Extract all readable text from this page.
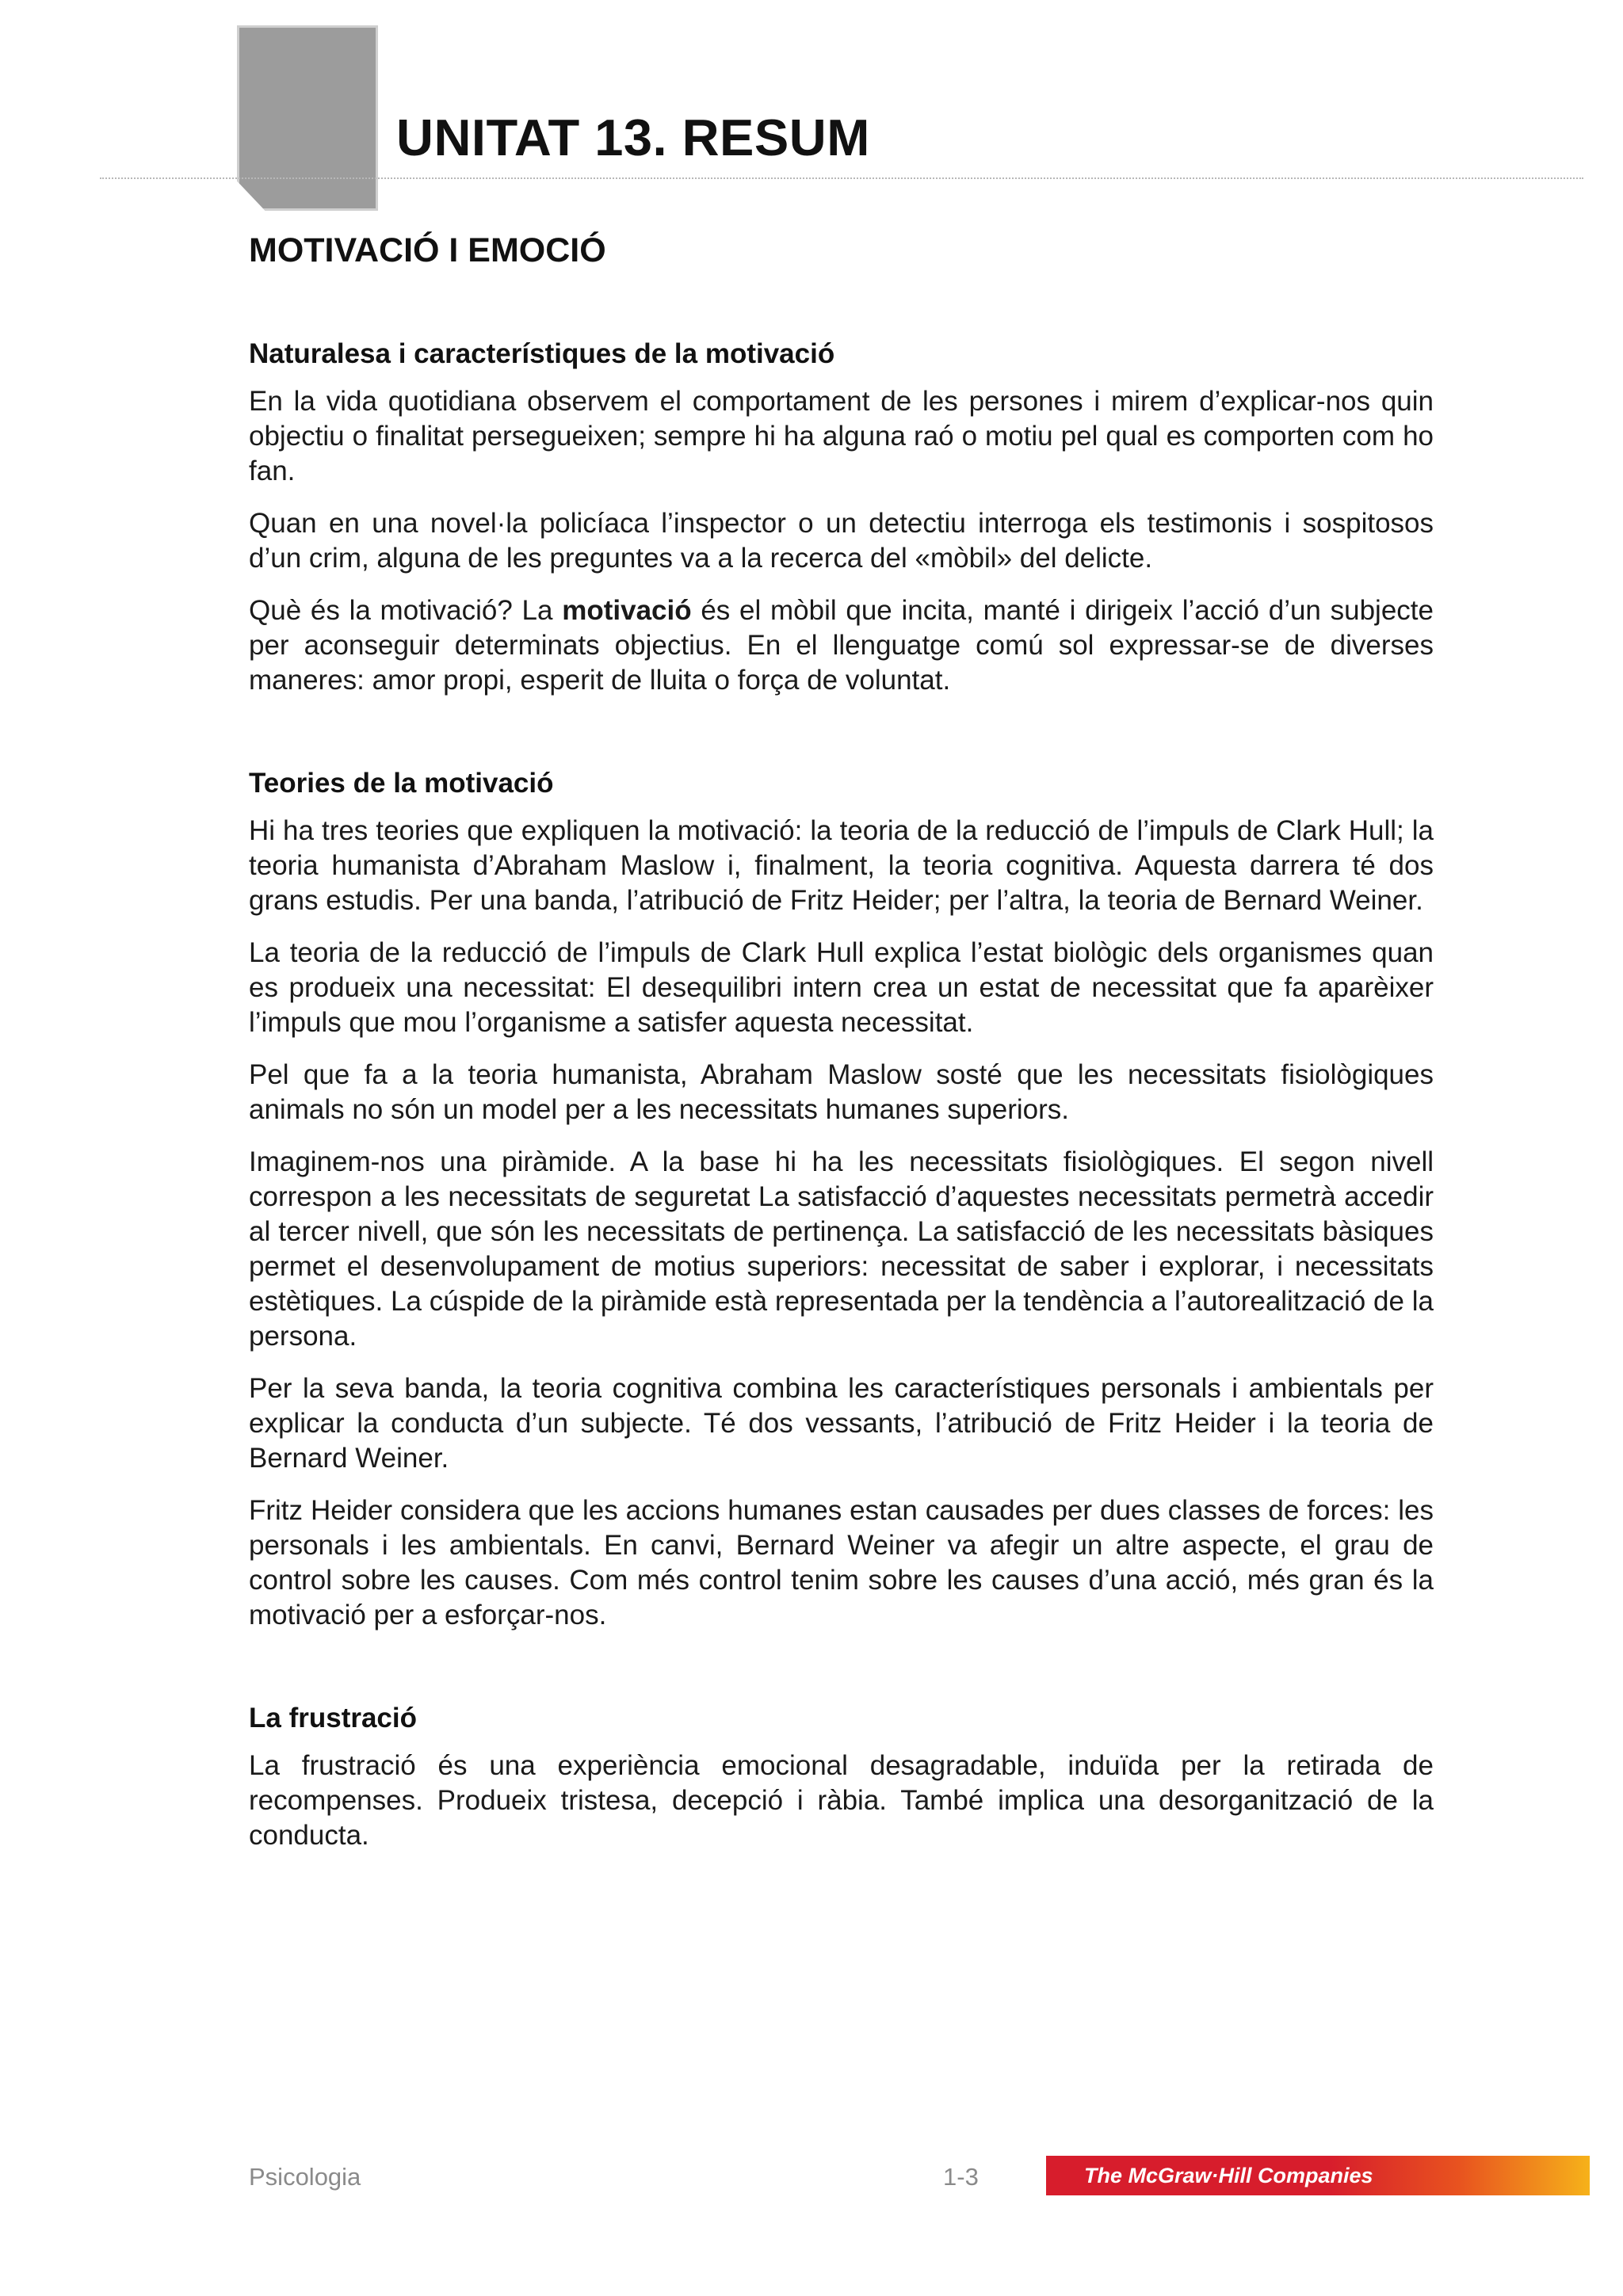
UNITAT 13. RESUM
MOTIVACIÓ I EMOCIÓ
Naturalesa i característiques de la motivació

En la vida quotidiana observem el comportament de les persones i mirem d’explicar-nos quin objectiu o finalitat persegueixen; sempre hi ha alguna raó o motiu pel qual es comporten com ho fan.

Quan en una novel·la policíaca l’inspector o un detectiu interroga els testimonis i sospitosos d’un crim, alguna de les preguntes va a la recerca del «mòbil» del delicte.

Què és la motivació? La motivació és el mòbil que incita, manté i dirigeix l’acció d’un subjecte per aconseguir determinats objectius. En el llenguatge comú sol expressar-se de diverses maneres: amor propi, esperit de lluita o força de voluntat.

Teories de la motivació

Hi ha tres teories que expliquen la motivació: la teoria de la reducció de l’impuls de Clark Hull; la teoria humanista d’Abraham Maslow i, finalment, la teoria cognitiva. Aquesta darrera té dos grans estudis. Per una banda, l’atribució de Fritz Heider; per l’altra, la teoria de Bernard Weiner.

La teoria de la reducció de l’impuls de Clark Hull explica l’estat biològic dels organismes quan es produeix una necessitat: El desequilibri intern crea un estat de necessitat que fa aparèixer l’impuls que mou l’organisme a satisfer aquesta necessitat.

Pel que fa a la teoria humanista, Abraham Maslow sosté que les necessitats fisiològiques animals no són un model per a les necessitats humanes superiors.

Imaginem-nos una piràmide. A la base hi ha les necessitats fisiològiques. El segon nivell correspon a les necessitats de seguretat La satisfacció d’aquestes necessitats permetrà accedir al tercer nivell, que són les necessitats de pertinença. La satisfacció de les necessitats bàsiques permet el desenvolupament de motius superiors: necessitat de saber i explorar, i necessitats estètiques. La cúspide de la piràmide està representada per la tendència a l’autorealització de la persona.

Per la seva banda, la teoria cognitiva combina les característiques personals i ambientals per explicar la conducta d’un subjecte. Té dos vessants, l’atribució de Fritz Heider i la teoria de Bernard Weiner.

Fritz Heider considera que les accions humanes estan causades per dues classes de forces: les personals i les ambientals. En canvi, Bernard Weiner va afegir un altre aspecte, el grau de control sobre les causes. Com més control tenim sobre les causes d’una acció, més gran és la motivació per a esforçar-nos.

La frustració

La frustració és una experiència emocional desagradable, induïda per la retirada de recompenses. Produeix tristesa, decepció i ràbia. També implica una desorganització de la conducta.

Psicologia	1-3	The McGraw·Hill Companies
